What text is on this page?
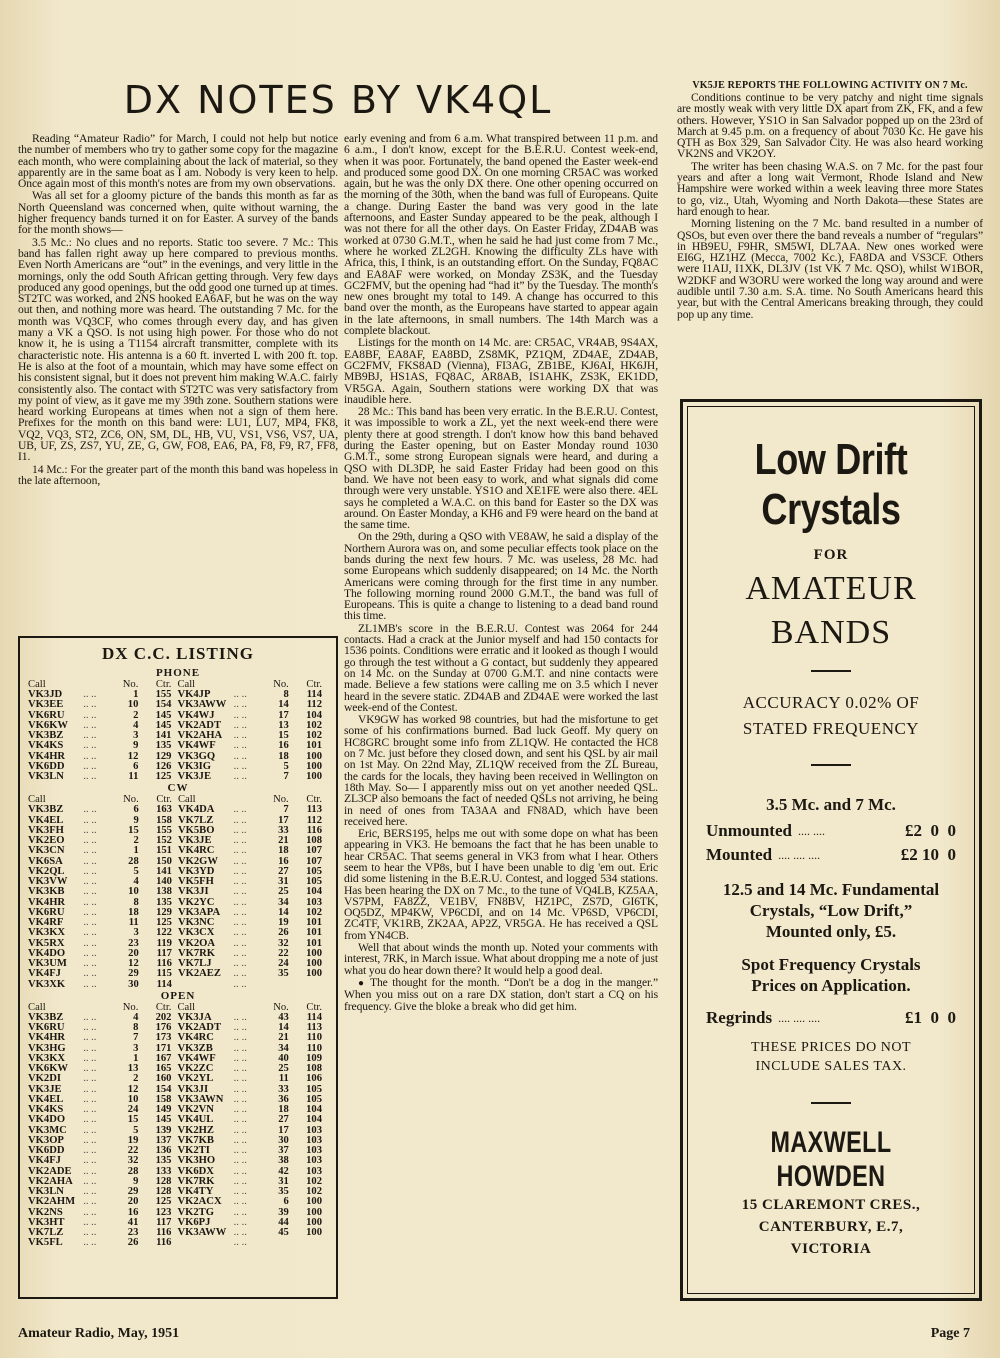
DX NOTES BY VK4QL

Reading “Amateur Radio” for March, I could not help but notice the number of members who try to gather some copy for the magazine each month, who were complaining about the lack of material, so they apparently are in the same boat as I am. Nobody is very keen to help. Once again most of this month's notes are from my own observations.

Was all set for a gloomy picture of the bands this month as far as North Queensland was concerned when, quite without warning, the higher frequency bands turned it on for Easter. A survey of the bands for the month shows—

3.5 Mc.: No clues and no reports. Static too severe. 7 Mc.: This band has fallen right away up here compared to previous months. Even North Americans are “out” in the evenings, and very little in the mornings, only the odd South African getting through. Very few days produced any good openings, but the odd good one turned up at times. ST2TC was worked, and 2NS hooked EA6AF, but he was on the way out then, and nothing more was heard. The outstanding 7 Mc. for the month was VQ3CF, who comes through every day, and has given many a VK a QSO. Is not using high power. For those who do not know it, he is using a T1154 aircraft transmitter, complete with its characteristic note. His antenna is a 60 ft. inverted L with 200 ft. top. He is also at the foot of a mountain, which may have some effect on his consistent signal, but it does not prevent him making W.A.C. fairly consistently also. The contact with ST2TC was very satisfactory from my point of view, as it gave me my 39th zone. Southern stations were heard working Europeans at times when not a sign of them here. Prefixes for the month on this band were: LU1, LU7, MP4, FK8, VQ2, VQ3, ST2, ZC6, ON, SM, DL, HB, VU, VS1, VS6, VS7, UA, UB, UF, ZS, ZS7, YU, ZE, G, GW, FO8, EA6, PA, F8, F9, R7, FF8, I1.

14 Mc.: For the greater part of the month this band was hopeless in the late afternoon,

DX C.C. LISTING
PHONE
Call		No.	Ctr.	Call		No.	Ctr.
VK3JD	.. ..	1	155	VK4JP	.. ..	8	114
VK3EE	.. ..	10	154	VK3AWW	.. ..	14	112
VK6RU	.. ..	2	145	VK4WJ	.. ..	17	104
VK6KW	.. ..	4	145	VK2ADT	.. ..	13	102
VK3BZ	.. ..	3	141	VK2AHA	.. ..	15	102
VK4KS	.. ..	9	135	VK4WF	.. ..	16	101
VK4HR	.. ..	12	129	VK3GQ	.. ..	18	100
VK6DD	.. ..	6	126	VK3IG	.. ..	5	100
VK3LN	.. ..	11	125	VK3JE	.. ..	7	100
CW
Call		No.	Ctr.	Call		No.	Ctr.
VK3BZ	.. ..	6	163	VK4DA	.. ..	7	113
VK4EL	.. ..	9	158	VK7LZ	.. ..	17	112
VK3FH	.. ..	15	155	VK5BO	.. ..	33	116
VK2EO	.. ..	2	152	VK3JE	.. ..	21	108
VK3CN	.. ..	1	151	VK4RC	.. ..	18	107
VK6SA	.. ..	28	150	VK2GW	.. ..	16	107
VK2QL	.. ..	5	141	VK3YD	.. ..	27	105
VK3VW	.. ..	4	140	VK5FH	.. ..	31	105
VK3KB	.. ..	10	138	VK3JI	.. ..	25	104
VK4HR	.. ..	8	135	VK2YC	.. ..	34	103
VK6RU	.. ..	18	129	VK3APA	.. ..	14	102
VK4RF	.. ..	11	125	VK3NC	.. ..	19	101
VK3KX	.. ..	3	122	VK3CX	.. ..	26	101
VK5RX	.. ..	23	119	VK2OA	.. ..	32	101
VK4DO	.. ..	20	117	VK7RK	.. ..	22	100
VK3UM	.. ..	12	116	VK7LJ	.. ..	24	100
VK4FJ	.. ..	29	115	VK2AEZ	.. ..	35	100
VK3XK	.. ..	30	114		.. ..		
OPEN
Call		No.	Ctr.	Call		No.	Ctr.
VK3BZ	.. ..	4	202	VK3JA	.. ..	43	114
VK6RU	.. ..	8	176	VK2ADT	.. ..	14	113
VK4HR	.. ..	7	173	VK4RC	.. ..	21	110
VK3HG	.. ..	3	171	VK3ZB	.. ..	34	110
VK3KX	.. ..	1	167	VK4WF	.. ..	40	109
VK6KW	.. ..	13	165	VK2ZC	.. ..	25	108
VK2DI	.. ..	2	160	VK2YL	.. ..	11	106
VK3JE	.. ..	12	154	VK3JI	.. ..	33	105
VK4EL	.. ..	10	158	VK3AWN	.. ..	36	105
VK4KS	.. ..	24	149	VK2VN	.. ..	18	104
VK4DO	.. ..	15	145	VK4UL	.. ..	27	104
VK3MC	.. ..	5	139	VK2HZ	.. ..	17	103
VK3OP	.. ..	19	137	VK7KB	.. ..	30	103
VK6DD	.. ..	22	136	VK2TI	.. ..	37	103
VK4FJ	.. ..	32	135	VK3HO	.. ..	38	103
VK2ADE	.. ..	28	133	VK6DX	.. ..	42	103
VK2AHA	.. ..	9	128	VK7RK	.. ..	31	102
VK3LN	.. ..	29	128	VK4TY	.. ..	35	102
VK2AHM	.. ..	20	125	VK2ACX	.. ..	6	100
VK2NS	.. ..	16	123	VK2TG	.. ..	39	100
VK3HT	.. ..	41	117	VK6PJ	.. ..	44	100
VK7LZ	.. ..	23	116	VK3AWW	.. ..	45	100
VK5FL	.. ..	26	116		.. ..		

early evening and from 6 a.m. What transpired between 11 p.m. and 6 a.m., I don't know, except for the B.E.R.U. Contest week-end, when it was poor. Fortunately, the band opened the Easter week-end and produced some good DX. On one morning CR5AC was worked again, but he was the only DX there. One other opening occurred on the morning of the 30th, when the band was full of Europeans. Quite a change. During Easter the band was very good in the late afternoons, and Easter Sunday appeared to be the peak, although I was not there for all the other days. On Easter Friday, ZD4AB was worked at 0730 G.M.T., when he said he had just come from 7 Mc., where he worked ZL2GH. Knowing the difficulty ZLs have with Africa, this, I think, is an outstanding effort. On the Sunday, FQ8AC and EA8AF were worked, on Monday ZS3K, and the Tuesday GC2FMV, but the opening had “had it” by the Tuesday. The month's new ones brought my total to 149. A change has occurred to this band over the month, as the Europeans have started to appear again in the late afternoons, in small numbers. The 14th March was a complete blackout.

Listings for the month on 14 Mc. are: CR5AC, VR4AB, 9S4AX, EA8BF, EA8AF, EA8BD, ZS8MK, PZ1QM, ZD4AE, ZD4AB, GC2FMV, FKS8AD (Vienna), FI3AG, ZB1BE, KJ6AI, HK6JH, MB9BJ, HS1AS, FQ8AC, AR8AB, IS1AHK, ZS3K, EK1DD, VR5GA. Again, Southern stations were working DX that was inaudible here.

28 Mc.: This band has been very erratic. In the B.E.R.U. Contest, it was impossible to work a ZL, yet the next week-end there were plenty there at good strength. I don't know how this band behaved during the Easter opening, but on Easter Monday round 1030 G.M.T., some strong European signals were heard, and during a QSO with DL3DP, he said Easter Friday had been good on this band. We have not been easy to work, and what signals did come through were very unstable. YS1O and XE1FE were also there. 4EL says he completed a W.A.C. on this band for Easter so the DX was around. On Easter Monday, a KH6 and F9 were heard on the band at the same time.

On the 29th, during a QSO with VE8AW, he said a display of the Northern Aurora was on, and some peculiar effects took place on the bands during the next few hours. 7 Mc. was useless, 28 Mc. had some Europeans which suddenly disappeared; on 14 Mc. the North Americans were coming through for the first time in any number. The following morning round 2000 G.M.T., the band was full of Europeans. This is quite a change to listening to a dead band round this time.

ZL1MB's score in the B.E.R.U. Contest was 2064 for 244 contacts. Had a crack at the Junior myself and had 150 contacts for 1536 points. Conditions were erratic and it looked as though I would go through the test without a G contact, but suddenly they appeared on 14 Mc. on the Sunday at 0700 G.M.T. and nine contacts were made. Believe a few stations were calling me on 3.5 which I never heard in the severe static. ZD4AB and ZD4AE were worked the last week-end of the Contest.

VK9GW has worked 98 countries, but had the misfortune to get some of his confirmations burned. Bad luck Geoff. My query on HC8GRC brought some info from ZL1QW. He contacted the HC8 on 7 Mc. just before they closed down, and sent his QSL by air mail on 1st May. On 22nd May, ZL1QW received from the ZL Bureau, the cards for the locals, they having been received in Wellington on 18th May. So— I apparently miss out on yet another needed QSL. ZL3CP also bemoans the fact of needed QSLs not arriving, he being in need of ones from TA3AA and FN8AD, which have been received here.

Eric, BERS195, helps me out with some dope on what has been appearing in VK3. He bemoans the fact that he has been unable to hear CR5AC. That seems general in VK3 from what I hear. Others seem to hear the VP8s, but I have been unable to dig 'em out. Eric did some listening in the B.E.R.U. Contest, and logged 534 stations. Has been hearing the DX on 7 Mc., to the tune of VQ4LB, KZ5AA, VS7PM, FA8ZZ, VE1BV, FN8BV, HZ1PC, ZS7D, GI6TK, OQ5DZ, MP4KW, VP6CDI, and on 14 Mc. VP6SD, VP6CDI, ZC4TF, VK1RB, ZK2AA, AP2Z, VR5GA. He has received a QSL from YN4CB.

Well that about winds the month up. Noted your comments with interest, 7RK, in March issue. What about dropping me a note of just what you do hear down there? It would help a good deal.

● The thought for the month. “Don't be a dog in the manger.” When you miss out on a rare DX station, don't start a CQ on his frequency. Give the bloke a break who did get him.

VK5JE REPORTS THE FOLLOWING ACTIVITY ON 7 Mc.

Conditions continue to be very patchy and night time signals are mostly weak with very little DX apart from ZK, FK, and a few others. However, YS1O in San Salvador popped up on the 23rd of March at 9.45 p.m. on a frequency of about 7030 Kc. He gave his QTH as Box 329, San Salvador City. He was also heard working VK2NS and VK2OY.

The writer has been chasing W.A.S. on 7 Mc. for the past four years and after a long wait Vermont, Rhode Island and New Hampshire were worked within a week leaving three more States to go, viz., Utah, Wyoming and North Dakota—these States are hard enough to hear.

Morning listening on the 7 Mc. band resulted in a number of QSOs, but even over there the band reveals a number of “regulars” in HB9EU, F9HR, SM5WI, DL7AA. New ones worked were EI6G, HZ1HZ (Mecca, 7002 Kc.), FA8DA and VS3CF. Others were I1AIJ, I1XK, DL3JV (1st VK 7 Mc. QSO), whilst W1BOR, W2DKF and W3ORU were worked the long way around and were audible until 7.30 a.m. S.A. time. No South Americans heard this year, but with the Central Americans breaking through, they could pop up any time.

Low Drift
Crystals
FOR
AMATEUR
BANDS
ACCURACY 0.02% OF
STATED FREQUENCY
3.5 Mc. and 7 Mc.
Unmounted .... ....	£2  0  0
Mounted .... .... ....	£2 10  0
12.5 and 14 Mc. Fundamental
Crystals, “Low Drift,”
Mounted only, £5.
Spot Frequency Crystals
Prices on Application.
Regrinds .... .... ....	£1  0  0
THESE PRICES DO NOT
INCLUDE SALES TAX.
MAXWELL HOWDEN
15 CLAREMONT CRES.,
CANTERBURY, E.7,
VICTORIA
Amateur Radio, May, 1951	Page 7
